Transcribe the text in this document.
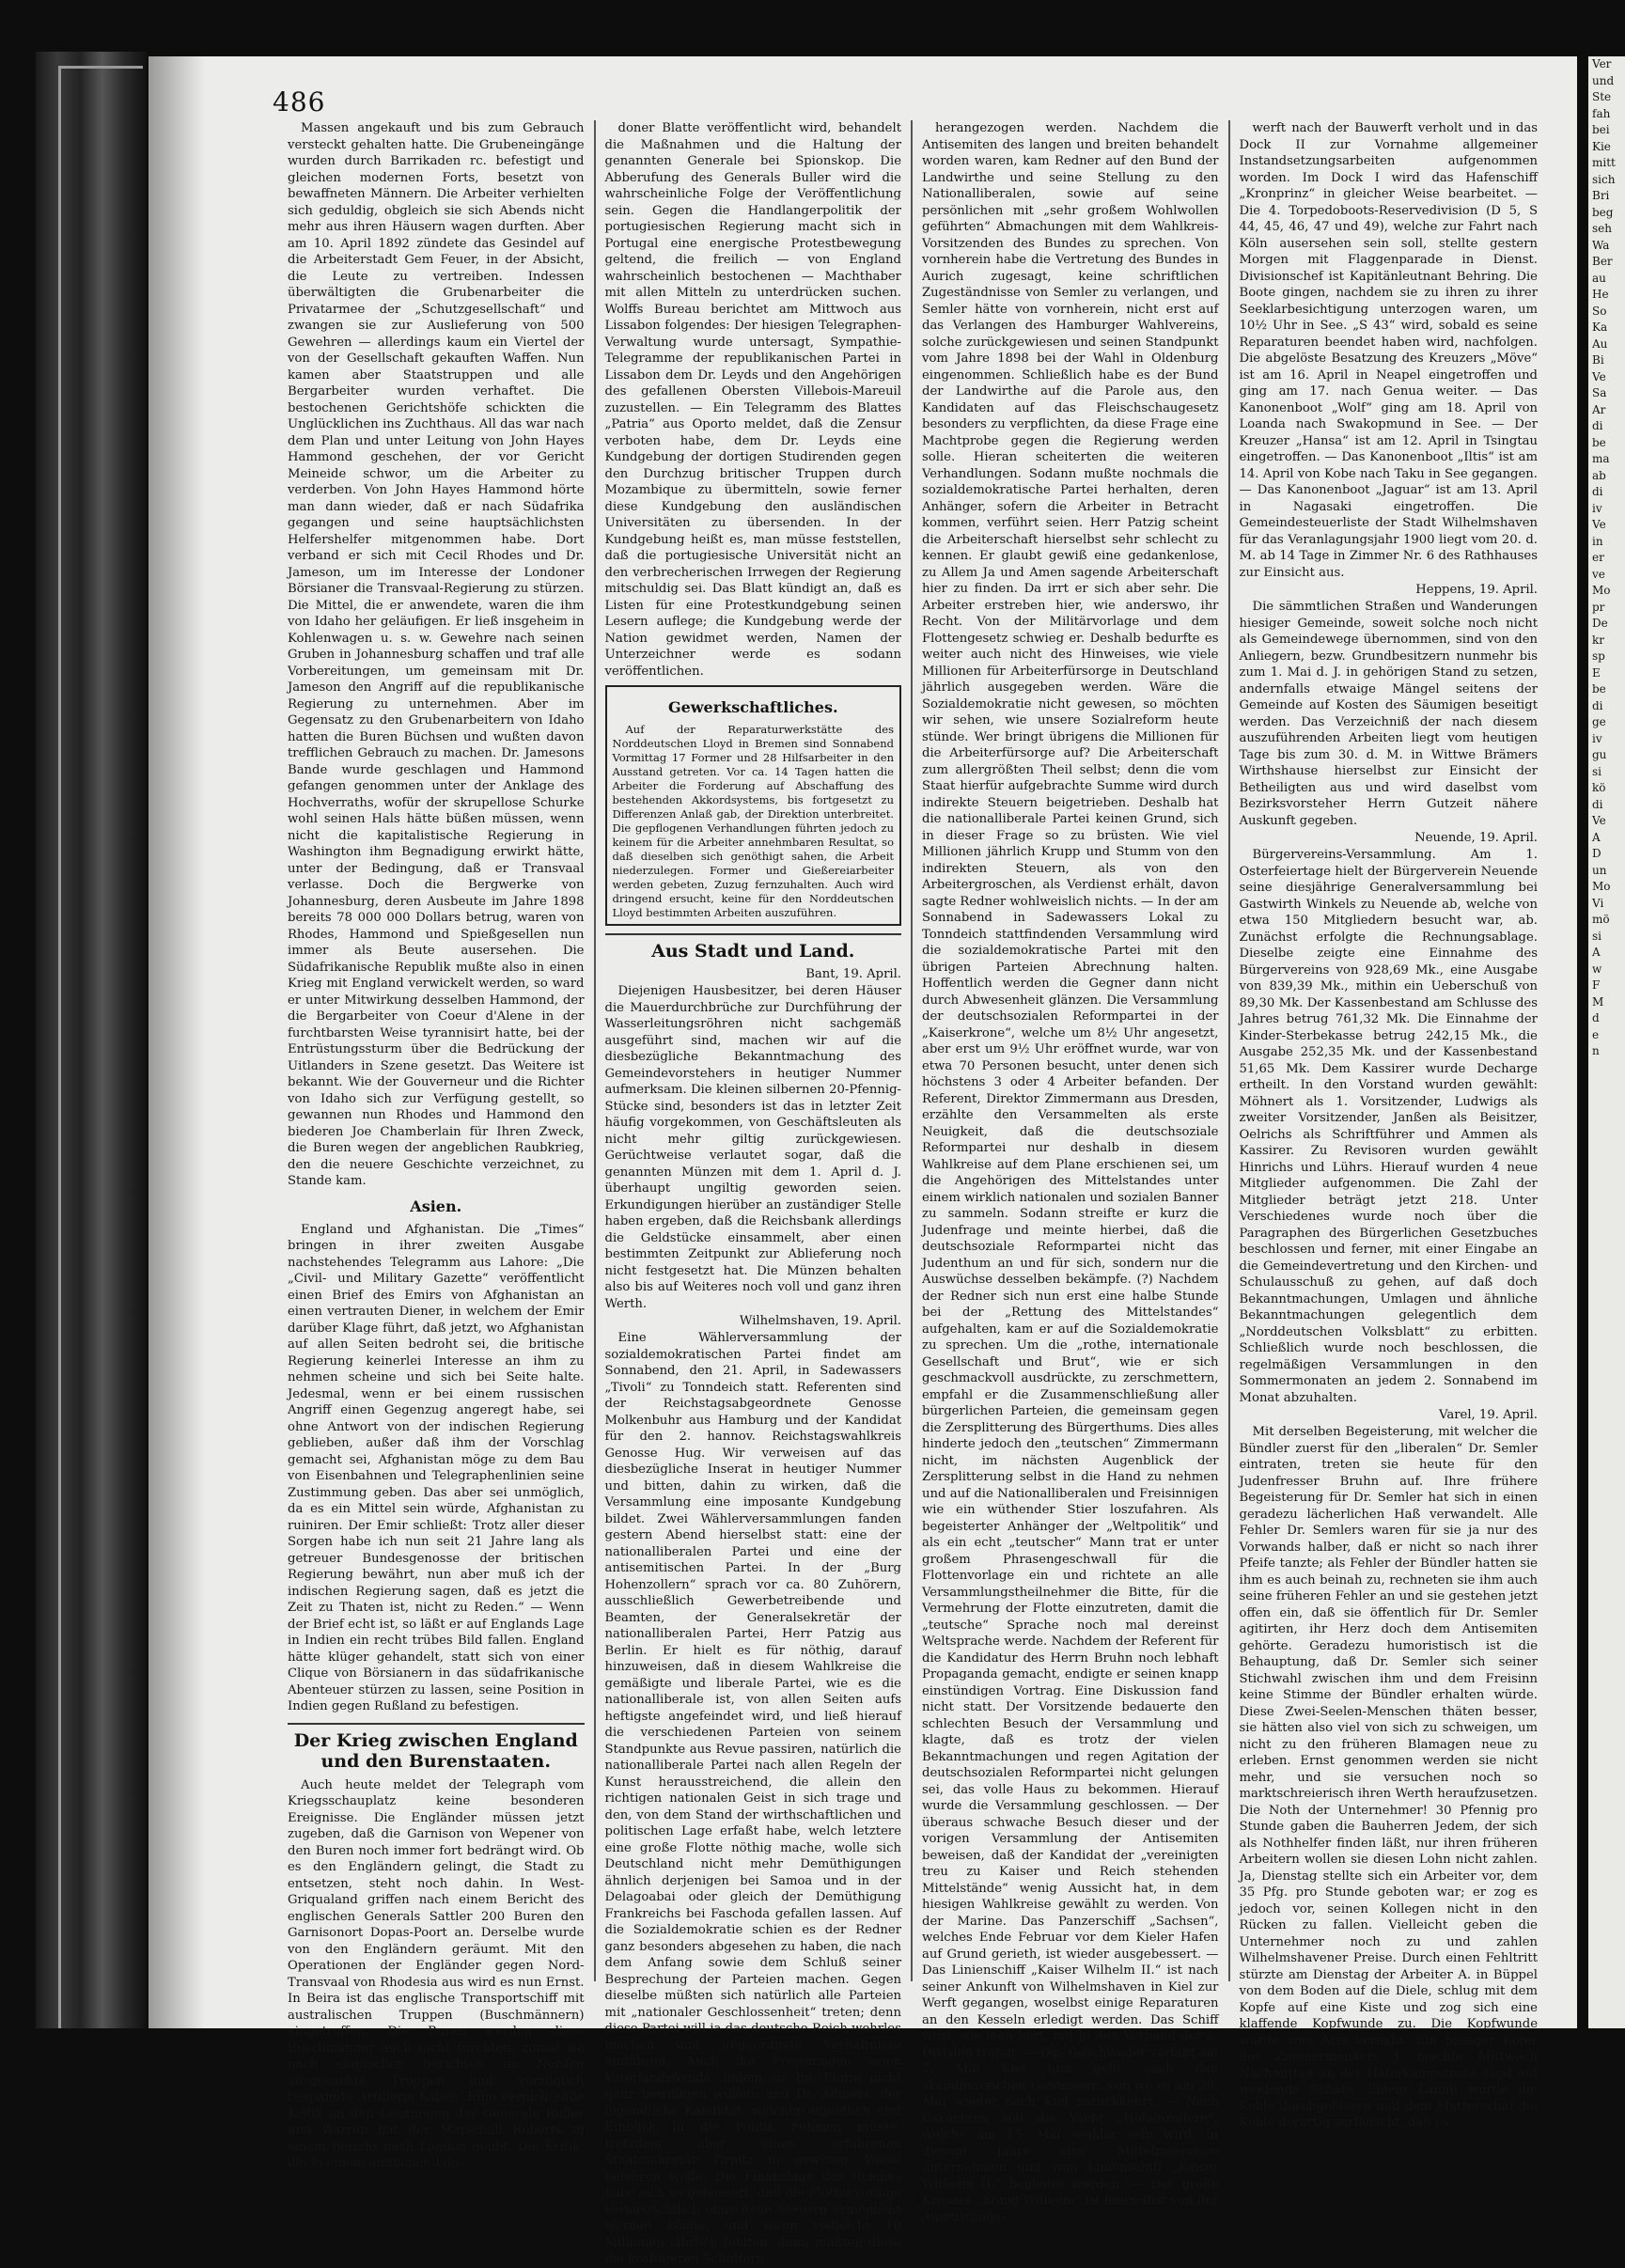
486

Massen angekauft und bis zum Gebrauch versteckt gehalten hatte. Die Grubeneingänge wurden durch Barrikaden rc. befestigt und gleichen modernen Forts, besetzt von bewaffneten Männern. Die Arbeiter verhielten sich geduldig, obgleich sie sich Abends nicht mehr aus ihren Häusern wagen durften. Aber am 10. April 1892 zündete das Gesindel auf die Arbeiterstadt Gem Feuer, in der Absicht, die Leute zu vertreiben. Indessen überwältigten die Grubenarbeiter die Privatarmee der „Schutzgesellschaft“ und zwangen sie zur Auslieferung von 500 Gewehren — allerdings kaum ein Viertel der von der Gesellschaft gekauften Waffen. Nun kamen aber Staatstruppen und alle Bergarbeiter wurden verhaftet. Die bestochenen Gerichtshöfe schickten die Unglücklichen ins Zuchthaus. All das war nach dem Plan und unter Leitung von John Hayes Hammond geschehen, der vor Gericht Meineide schwor, um die Arbeiter zu verderben. Von John Hayes Hammond hörte man dann wieder, daß er nach Südafrika gegangen und seine hauptsächlichsten Helfershelfer mitgenommen habe. Dort verband er sich mit Cecil Rhodes und Dr. Jameson, um im Interesse der Londoner Börsianer die Transvaal-Regierung zu stürzen. Die Mittel, die er anwendete, waren die ihm von Idaho her geläufigen. Er ließ insgeheim in Kohlenwagen u. s. w. Gewehre nach seinen Gruben in Johannesburg schaffen und traf alle Vorbereitungen, um gemeinsam mit Dr. Jameson den Angriff auf die republikanische Regierung zu unternehmen. Aber im Gegensatz zu den Grubenarbeitern von Idaho hatten die Buren Büchsen und wußten davon trefflichen Gebrauch zu machen. Dr. Jamesons Bande wurde geschlagen und Hammond gefangen genommen unter der Anklage des Hochverraths, wofür der skrupellose Schurke wohl seinen Hals hätte büßen müssen, wenn nicht die kapitalistische Regierung in Washington ihm Begnadigung erwirkt hätte, unter der Bedingung, daß er Transvaal verlasse. Doch die Bergwerke von Johannesburg, deren Ausbeute im Jahre 1898 bereits 78 000 000 Dollars betrug, waren von Rhodes, Hammond und Spießgesellen nun immer als Beute ausersehen. Die Südafrikanische Republik mußte also in einen Krieg mit England verwickelt werden, so ward er unter Mitwirkung desselben Hammond, der die Bergarbeiter von Coeur d'Alene in der furchtbarsten Weise tyrannisirt hatte, bei der Entrüstungssturm über die Bedrückung der Uitlanders in Szene gesetzt. Das Weitere ist bekannt. Wie der Gouverneur und die Richter von Idaho sich zur Verfügung gestellt, so gewannen nun Rhodes und Hammond den biederen Joe Chamberlain für Ihren Zweck, die Buren wegen der angeblichen Raubkrieg, den die neuere Geschichte verzeichnet, zu Stande kam.

Asien.

England und Afghanistan. Die „Times“ bringen in ihrer zweiten Ausgabe nachstehendes Telegramm aus Lahore: „Die „Civil- und Military Gazette“ veröffentlicht einen Brief des Emirs von Afghanistan an einen vertrauten Diener, in welchem der Emir darüber Klage führt, daß jetzt, wo Afghanistan auf allen Seiten bedroht sei, die britische Regierung keinerlei Interesse an ihm zu nehmen scheine und sich bei Seite halte. Jedesmal, wenn er bei einem russischen Angriff einen Gegenzug angeregt habe, sei ohne Antwort von der indischen Regierung geblieben, außer daß ihm der Vorschlag gemacht sei, Afghanistan möge zu dem Bau von Eisenbahnen und Telegraphenlinien seine Zustimmung geben. Das aber sei unmöglich, da es ein Mittel sein würde, Afghanistan zu ruiniren. Der Emir schließt: Trotz aller dieser Sorgen habe ich nun seit 21 Jahre lang als getreuer Bundesgenosse der britischen Regierung bewährt, nun aber muß ich der indischen Regierung sagen, daß es jetzt die Zeit zu Thaten ist, nicht zu Reden.“ — Wenn der Brief echt ist, so läßt er auf Englands Lage in Indien ein recht trübes Bild fallen. England hätte klüger gehandelt, statt sich von einer Clique von Börsianern in das südafrikanische Abenteuer stürzen zu lassen, seine Position in Indien gegen Rußland zu befestigen.

Der Krieg zwischen England und den Burenstaaten.

Auch heute meldet der Telegraph vom Kriegsschauplatz keine besonderen Ereignisse. Die Engländer müssen jetzt zugeben, daß die Garnison von Wepener von den Buren noch immer fort bedrängt wird. Ob es den Engländern gelingt, die Stadt zu entsetzen, steht noch dahin. In West-Griqualand griffen nach einem Bericht des englischen Generals Sattler 200 Buren den Garnisonort Dopas-Poort an. Derselbe wurde von den Engländern geräumt. Mit den Operationen der Engländer gegen Nord-Transvaal von Rhodesia aus wird es nun Ernst. In Beira ist das englische Transportschiff mit australischen Truppen (Buschmännern) eingetroffen. Die Buren werden diese Buschmänner auch nicht fürchten, zumal sie nach englischen Berichten im Norden ausgesuchte Truppen und vorzüglich bespannte Artillerie haben. Eine vernichtende Kritik an den Leistungen der Generale Buller und Warren hat der Marschall Roberts in einem Bericht nach London geübt. Die Kritik, die in einem amtlichen Lon-

doner Blatte veröffentlicht wird, behandelt die Maßnahmen und die Haltung der genannten Generale bei Spionskop. Die Abberufung des Generals Buller wird die wahrscheinliche Folge der Veröffentlichung sein. Gegen die Handlangerpolitik der portugiesischen Regierung macht sich in Portugal eine energische Protestbewegung geltend, die freilich — von England wahrscheinlich bestochenen — Machthaber mit allen Mitteln zu unterdrücken suchen. Wolffs Bureau berichtet am Mittwoch aus Lissabon folgendes: Der hiesigen Telegraphen-Verwaltung wurde untersagt, Sympathie-Telegramme der republikanischen Partei in Lissabon dem Dr. Leyds und den Angehörigen des gefallenen Obersten Villebois-Mareuil zuzustellen. — Ein Telegramm des Blattes „Patria“ aus Oporto meldet, daß die Zensur verboten habe, dem Dr. Leyds eine Kundgebung der dortigen Studirenden gegen den Durchzug britischer Truppen durch Mozambique zu übermitteln, sowie ferner diese Kundgebung den ausländischen Universitäten zu übersenden. In der Kundgebung heißt es, man müsse feststellen, daß die portugiesische Universität nicht an den verbrecherischen Irrwegen der Regierung mitschuldig sei. Das Blatt kündigt an, daß es Listen für eine Protestkundgebung seinen Lesern auflege; die Kundgebung werde der Nation gewidmet werden, Namen der Unterzeichner werde es sodann veröffentlichen.

Gewerkschaftliches.

Auf der Reparaturwerkstätte des Norddeutschen Lloyd in Bremen sind Sonnabend Vormittag 17 Former und 28 Hilfsarbeiter in den Ausstand getreten. Vor ca. 14 Tagen hatten die Arbeiter die Forderung auf Abschaffung des bestehenden Akkordsystems, bis fortgesetzt zu Differenzen Anlaß gab, der Direktion unterbreitet. Die gepflogenen Verhandlungen führten jedoch zu keinem für die Arbeiter annehmbaren Resultat, so daß dieselben sich genöthigt sahen, die Arbeit niederzulegen. Former und Gießereiarbeiter werden gebeten, Zuzug fernzuhalten. Auch wird dringend ersucht, keine für den Norddeutschen Lloyd bestimmten Arbeiten auszuführen.

Aus Stadt und Land.
Bant, 19. April.

Diejenigen Hausbesitzer, bei deren Häuser die Mauerdurchbrüche zur Durchführung der Wasserleitungsröhren nicht sachgemäß ausgeführt sind, machen wir auf die diesbezügliche Bekanntmachung des Gemeindevorstehers in heutiger Nummer aufmerksam. Die kleinen silbernen 20-Pfennig-Stücke sind, besonders ist das in letzter Zeit häufig vorgekommen, von Geschäftsleuten als nicht mehr giltig zurückgewiesen. Gerüchtweise verlautet sogar, daß die genannten Münzen mit dem 1. April d. J. überhaupt ungiltig geworden seien. Erkundigungen hierüber an zuständiger Stelle haben ergeben, daß die Reichsbank allerdings die Geldstücke einsammelt, aber einen bestimmten Zeitpunkt zur Ablieferung noch nicht festgesetzt hat. Die Münzen behalten also bis auf Weiteres noch voll und ganz ihren Werth.

Wilhelmshaven, 19. April.

Eine Wählerversammlung der sozialdemokratischen Partei findet am Sonnabend, den 21. April, in Sadewassers „Tivoli“ zu Tonndeich statt. Referenten sind der Reichstagsabgeordnete Genosse Molkenbuhr aus Hamburg und der Kandidat für den 2. hannov. Reichstagswahlkreis Genosse Hug. Wir verweisen auf das diesbezügliche Inserat in heutiger Nummer und bitten, dahin zu wirken, daß die Versammlung eine imposante Kundgebung bildet. Zwei Wählerversammlungen fanden gestern Abend hierselbst statt: eine der nationalliberalen Partei und eine der antisemitischen Partei. In der „Burg Hohenzollern“ sprach vor ca. 80 Zuhörern, ausschließlich Gewerbetreibende und Beamten, der Generalsekretär der nationalliberalen Partei, Herr Patzig aus Berlin. Er hielt es für nöthig, darauf hinzuweisen, daß in diesem Wahlkreise die gemäßigte und liberale Partei, wie es die nationalliberale ist, von allen Seiten aufs heftigste angefeindet wird, und ließ hierauf die verschiedenen Parteien von seinem Standpunkte aus Revue passiren, natürlich die nationalliberale Partei nach allen Regeln der Kunst herausstreichend, die allein den richtigen nationalen Geist in sich trage und den, von dem Stand der wirthschaftlichen und politischen Lage erfaßt habe, welch letztere eine große Flotte nöthig mache, wolle sich Deutschland nicht mehr Demüthigungen ähnlich derjenigen bei Samoa und in der Delagoabai oder gleich der Demüthigung Frankreichs bei Faschoda gefallen lassen. Auf die Sozialdemokratie schien es der Redner ganz besonders abgesehen zu haben, die nach dem Anfang sowie dem Schluß seiner Besprechung der Parteien machen. Gegen dieselbe müßten sich natürlich alle Parteien mit „nationaler Geschlossenheit“ treten; denn diese Partei will ja das deutsche Reich wehrlos machen und ungeordnete Verhältnisse einführen. Auch die Freisinnigen seien Vaterlandsfeinde, indem sie die Flotte nicht ganz bewilligen wollen, und Dr. Allmers, der jugendliche Kandidat, welcher eigentlich erst Einblick in die Politik nehmen müsse, trotzdem aber einen erfahrenen Staatssekretär Tirpitz in gewisser Weise belehren wolle. Die Finanzlage des Reiches habe sich so gebessert, daß die Flottenvorlage voraussichtlich ohne neue Steuern ermöglicht werden könne, und wenn vielleicht 10 Millionen jährlich fehlten, dann müßten diese die kräftigeren Schultern

herangezogen werden. Nachdem die Antisemiten des langen und breiten behandelt worden waren, kam Redner auf den Bund der Landwirthe und seine Stellung zu den Nationalliberalen, sowie auf seine persönlichen mit „sehr großem Wohlwollen geführten“ Abmachungen mit dem Wahlkreis-Vorsitzenden des Bundes zu sprechen. Von vornherein habe die Vertretung des Bundes in Aurich zugesagt, keine schriftlichen Zugeständnisse von Semler zu verlangen, und Semler hätte von vornherein, nicht erst auf das Verlangen des Hamburger Wahlvereins, solche zurückgewiesen und seinen Standpunkt vom Jahre 1898 bei der Wahl in Oldenburg eingenommen. Schließlich habe es der Bund der Landwirthe auf die Parole aus, den Kandidaten auf das Fleischschaugesetz besonders zu verpflichten, da diese Frage eine Machtprobe gegen die Regierung werden solle. Hieran scheiterten die weiteren Verhandlungen. Sodann mußte nochmals die sozialdemokratische Partei herhalten, deren Anhänger, sofern die Arbeiter in Betracht kommen, verführt seien. Herr Patzig scheint die Arbeiterschaft hierselbst sehr schlecht zu kennen. Er glaubt gewiß eine gedankenlose, zu Allem Ja und Amen sagende Arbeiterschaft hier zu finden. Da irrt er sich aber sehr. Die Arbeiter erstreben hier, wie anderswo, ihr Recht. Von der Militärvorlage und dem Flottengesetz schwieg er. Deshalb bedurfte es weiter auch nicht des Hinweises, wie viele Millionen für Arbeiterfürsorge in Deutschland jährlich ausgegeben werden. Wäre die Sozialdemokratie nicht gewesen, so möchten wir sehen, wie unsere Sozialreform heute stünde. Wer bringt übrigens die Millionen für die Arbeiterfürsorge auf? Die Arbeiterschaft zum allergrößten Theil selbst; denn die vom Staat hierfür aufgebrachte Summe wird durch indirekte Steuern beigetrieben. Deshalb hat die nationalliberale Partei keinen Grund, sich in dieser Frage so zu brüsten. Wie viel Millionen jährlich Krupp und Stumm von den indirekten Steuern, als von den Arbeitergroschen, als Verdienst erhält, davon sagte Redner wohlweislich nichts. — In der am Sonnabend in Sadewassers Lokal zu Tonndeich stattfindenden Versammlung wird die sozialdemokratische Partei mit den übrigen Parteien Abrechnung halten. Hoffentlich werden die Gegner dann nicht durch Abwesenheit glänzen. Die Versammlung der deutschsozialen Reformpartei in der „Kaiserkrone“, welche um 8½ Uhr angesetzt, aber erst um 9½ Uhr eröffnet wurde, war von etwa 70 Personen besucht, unter denen sich höchstens 3 oder 4 Arbeiter befanden. Der Referent, Direktor Zimmermann aus Dresden, erzählte den Versammelten als erste Neuigkeit, daß die deutschsoziale Reformpartei nur deshalb in diesem Wahlkreise auf dem Plane erschienen sei, um die Angehörigen des Mittelstandes unter einem wirklich nationalen und sozialen Banner zu sammeln. Sodann streifte er kurz die Judenfrage und meinte hierbei, daß die deutschsoziale Reformpartei nicht das Judenthum an und für sich, sondern nur die Auswüchse desselben bekämpfe. (?) Nachdem der Redner sich nun erst eine halbe Stunde bei der „Rettung des Mittelstandes“ aufgehalten, kam er auf die Sozialdemokratie zu sprechen. Um die „rothe, internationale Gesellschaft und Brut“, wie er sich geschmackvoll ausdrückte, zu zerschmettern, empfahl er die Zusammenschließung aller bürgerlichen Parteien, die gemeinsam gegen die Zersplitterung des Bürgerthums. Dies alles hinderte jedoch den „teutschen“ Zimmermann nicht, im nächsten Augenblick der Zersplitterung selbst in die Hand zu nehmen und auf die Nationalliberalen und Freisinnigen wie ein wüthender Stier loszufahren. Als begeisterter Anhänger der „Weltpolitik“ und als ein echt „teutscher“ Mann trat er unter großem Phrasengeschwall für die Flottenvorlage ein und richtete an alle Versammlungstheilnehmer die Bitte, für die Vermehrung der Flotte einzutreten, damit die „teutsche“ Sprache noch mal dereinst Weltsprache werde. Nachdem der Referent für die Kandidatur des Herrn Bruhn noch lebhaft Propaganda gemacht, endigte er seinen knapp einstündigen Vortrag. Eine Diskussion fand nicht statt. Der Vorsitzende bedauerte den schlechten Besuch der Versammlung und klagte, daß es trotz der vielen Bekanntmachungen und regen Agitation der deutschsozialen Reformpartei nicht gelungen sei, das volle Haus zu bekommen. Hierauf wurde die Versammlung geschlossen. — Der überaus schwache Besuch dieser und der vorigen Versammlung der Antisemiten beweisen, daß der Kandidat der „vereinigten treu zu Kaiser und Reich stehenden Mittelstände“ wenig Aussicht hat, in dem hiesigen Wahlkreise gewählt zu werden. Von der Marine. Das Panzerschiff „Sachsen“, welches Ende Februar vor dem Kieler Hafen auf Grund gerieth, ist wieder ausgebessert. — Das Linienschiff „Kaiser Wilhelm II.“ ist nach seiner Ankunft von Wilhelmshaven in Kiel zur Werft gegangen, woselbst einige Reparaturen an den Kesseln erledigt werden. Das Schiff wird, wie man hört, mit in den Verband der 2. Division treten. — Das Geschwader verläßt am 7. Mai Kiel und geht nach den skandinavischen Gewässern, von wo es am 28. Mai wieder nach Kiel zurückkehrt. — Nach Gerüchten soll die Yacht „Hohenzollern“, welche am 15. Mai seeklar sein wird, in diesem Jahre eine Mittelmeerreise unternehmen und vom Linienschiff „Kaiser Wilhelm II.“ begleitet werden. — Der große Kreuzer „König Wilhelm“ ist hierselbst von der Ausrüstungs-

werft nach der Bauwerft verholt und in das Dock II zur Vornahme allgemeiner Instandsetzungsarbeiten aufgenommen worden. Im Dock I wird das Hafenschiff „Kronprinz“ in gleicher Weise bearbeitet. — Die 4. Torpedoboots-Reservedivision (D 5, S 44, 45, 46, 47 und 49), welche zur Fahrt nach Köln ausersehen sein soll, stellte gestern Morgen mit Flaggenparade in Dienst. Divisionschef ist Kapitänleutnant Behring. Die Boote gingen, nachdem sie zu ihren zu ihrer Seeklarbesichtigung unterzogen waren, um 10½ Uhr in See. „S 43“ wird, sobald es seine Reparaturen beendet haben wird, nachfolgen. Die abgelöste Besatzung des Kreuzers „Möve“ ist am 16. April in Neapel eingetroffen und ging am 17. nach Genua weiter. — Das Kanonenboot „Wolf“ ging am 18. April von Loanda nach Swakopmund in See. — Der Kreuzer „Hansa“ ist am 12. April in Tsingtau eingetroffen. — Das Kanonenboot „Iltis“ ist am 14. April von Kobe nach Taku in See gegangen. — Das Kanonenboot „Jaguar“ ist am 13. April in Nagasaki eingetroffen. Die Gemeindesteuerliste der Stadt Wilhelmshaven für das Veranlagungsjahr 1900 liegt vom 20. d. M. ab 14 Tage in Zimmer Nr. 6 des Rathhauses zur Einsicht aus.

Heppens, 19. April.

Die sämmtlichen Straßen und Wanderungen hiesiger Gemeinde, soweit solche noch nicht als Gemeindewege übernommen, sind von den Anliegern, bezw. Grundbesitzern nunmehr bis zum 1. Mai d. J. in gehörigen Stand zu setzen, andernfalls etwaige Mängel seitens der Gemeinde auf Kosten des Säumigen beseitigt werden. Das Verzeichniß der nach diesem auszuführenden Arbeiten liegt vom heutigen Tage bis zum 30. d. M. in Wittwe Brämers Wirthshause hierselbst zur Einsicht der Betheiligten aus und wird daselbst vom Bezirksvorsteher Herrn Gutzeit nähere Auskunft gegeben.

Neuende, 19. April.

Bürgervereins-Versammlung. Am 1. Osterfeiertage hielt der Bürgerverein Neuende seine diesjährige Generalversammlung bei Gastwirth Winkels zu Neuende ab, welche von etwa 150 Mitgliedern besucht war, ab. Zunächst erfolgte die Rechnungsablage. Dieselbe zeigte eine Einnahme des Bürgervereins von 928,69 Mk., eine Ausgabe von 839,39 Mk., mithin ein Ueberschuß von 89,30 Mk. Der Kassenbestand am Schlusse des Jahres betrug 761,32 Mk. Die Einnahme der Kinder-Sterbekasse betrug 242,15 Mk., die Ausgabe 252,35 Mk. und der Kassenbestand 51,65 Mk. Dem Kassirer wurde Decharge ertheilt. In den Vorstand wurden gewählt: Möhnert als 1. Vorsitzender, Ludwigs als zweiter Vorsitzender, Janßen als Beisitzer, Oelrichs als Schriftführer und Ammen als Kassirer. Zu Revisoren wurden gewählt Hinrichs und Lührs. Hierauf wurden 4 neue Mitglieder aufgenommen. Die Zahl der Mitglieder beträgt jetzt 218. Unter Verschiedenes wurde noch über die Paragraphen des Bürgerlichen Gesetzbuches beschlossen und ferner, mit einer Eingabe an die Gemeindevertretung und den Kirchen- und Schulausschuß zu gehen, auf daß doch Bekanntmachungen, Umlagen und ähnliche Bekanntmachungen gelegentlich dem „Norddeutschen Volksblatt“ zu erbitten. Schließlich wurde noch beschlossen, die regelmäßigen Versammlungen in den Sommermonaten an jedem 2. Sonnabend im Monat abzuhalten.

Varel, 19. April.

Mit derselben Begeisterung, mit welcher die Bündler zuerst für den „liberalen“ Dr. Semler eintraten, treten sie heute für den Judenfresser Bruhn auf. Ihre frühere Begeisterung für Dr. Semler hat sich in einen geradezu lächerlichen Haß verwandelt. Alle Fehler Dr. Semlers waren für sie ja nur des Vorwands halber, daß er nicht so nach ihrer Pfeife tanzte; als Fehler der Bündler hatten sie ihm es auch beinah zu, rechneten sie ihm auch seine früheren Fehler an und sie gestehen jetzt offen ein, daß sie öffentlich für Dr. Semler agitirten, ihr Herz doch dem Antisemiten gehörte. Geradezu humoristisch ist die Behauptung, daß Dr. Semler sich seiner Stichwahl zwischen ihm und dem Freisinn keine Stimme der Bündler erhalten würde. Diese Zwei-Seelen-Menschen thäten besser, sie hätten also viel von sich zu schweigen, um nicht zu den früheren Blamagen neue zu erleben. Ernst genommen werden sie nicht mehr, und sie versuchen noch so marktschreierisch ihren Werth heraufzusetzen. Die Noth der Unternehmer! 30 Pfennig pro Stunde gaben die Bauherren Jedem, der sich als Nothhelfer finden läßt, nur ihren früheren Arbeitern wollen sie diesen Lohn nicht zahlen. Ja, Dienstag stellte sich ein Arbeiter vor, dem 35 Pfg. pro Stunde geboten war; er zog es jedoch vor, seinen Kollegen nicht in den Rücken zu fallen. Vielleicht geben die Unternehmer noch zu und zahlen Wilhelmshavener Preise. Durch einen Fehltritt stürzte am Dienstag der Arbeiter A. in Büppel von dem Boden auf die Diele, schlug mit dem Kopfe auf eine Kiste und zog sich eine klaffende Kopfwunde zu. Die Kopfwunde wurde vom Arzt vernäht. Ein bissiger Köter des Zimmermeisters J. machte Mittwoch Nachmittag an der Haferkampstraße Jagd auf weidende Schafe. Einem Lamm wurde die Kehle durchgebissen und dem Mutterschaf die Kehle derartig zerfleischt, daß es

Ver
und
Ste
fah
bei
Kie
mitt
sich
Bri
beg
seh
Wa
Ber
au
He
So
Ka
Au
Bi
Ve
Sa
Ar
di
be
ma
ab
di
iv
Ve
in
er
ve
Mo
pr
De
kr
sp
E
be
di
ge
iv
gu
si
kö
di
Ve
A
D
un
Mo
Vi
mö
si
A
w
F
M
d
e
n
